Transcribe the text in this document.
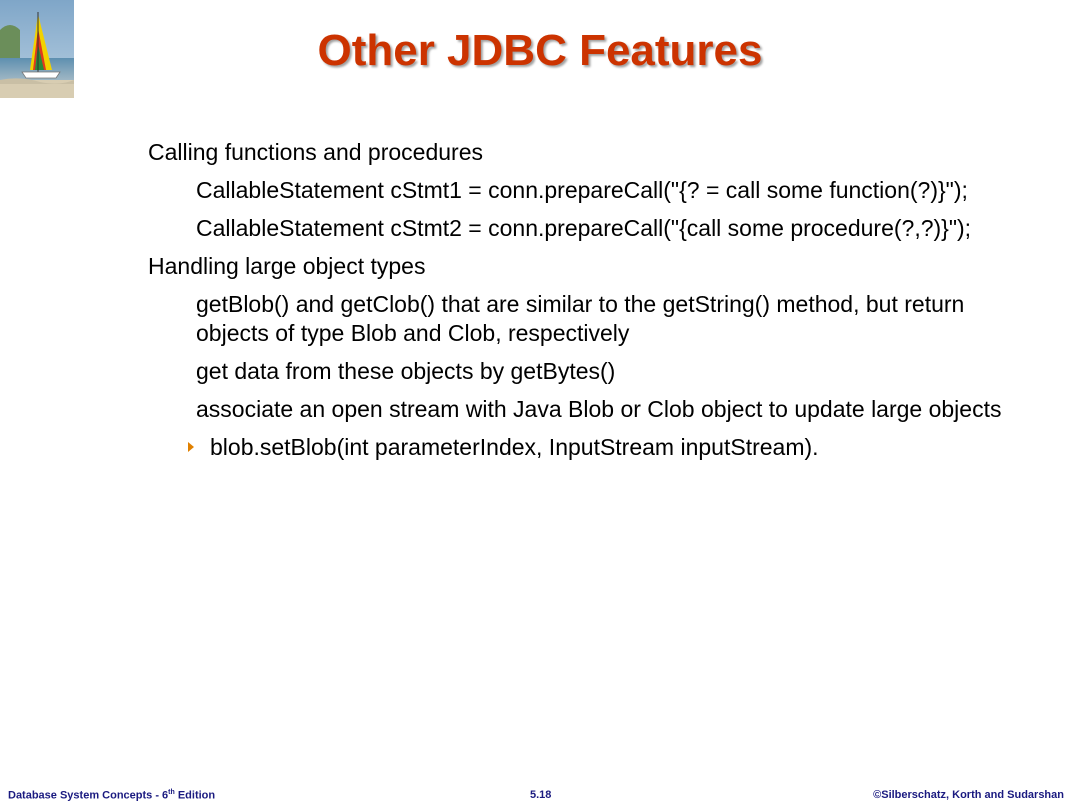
Other JDBC Features
Calling functions and procedures
CallableStatement cStmt1 = conn.prepareCall("{? = call some function(?)}");
CallableStatement cStmt2 = conn.prepareCall("{call some procedure(?,?)}");
Handling large object types
getBlob() and getClob() that are similar to the getString() method, but return objects of type Blob and Clob, respectively
get data from these objects by getBytes()
associate an open stream with Java Blob or Clob object to update large objects
blob.setBlob(int parameterIndex, InputStream inputStream).
Database System Concepts - 6th Edition	5.18	©Silberschatz, Korth and Sudarshan
